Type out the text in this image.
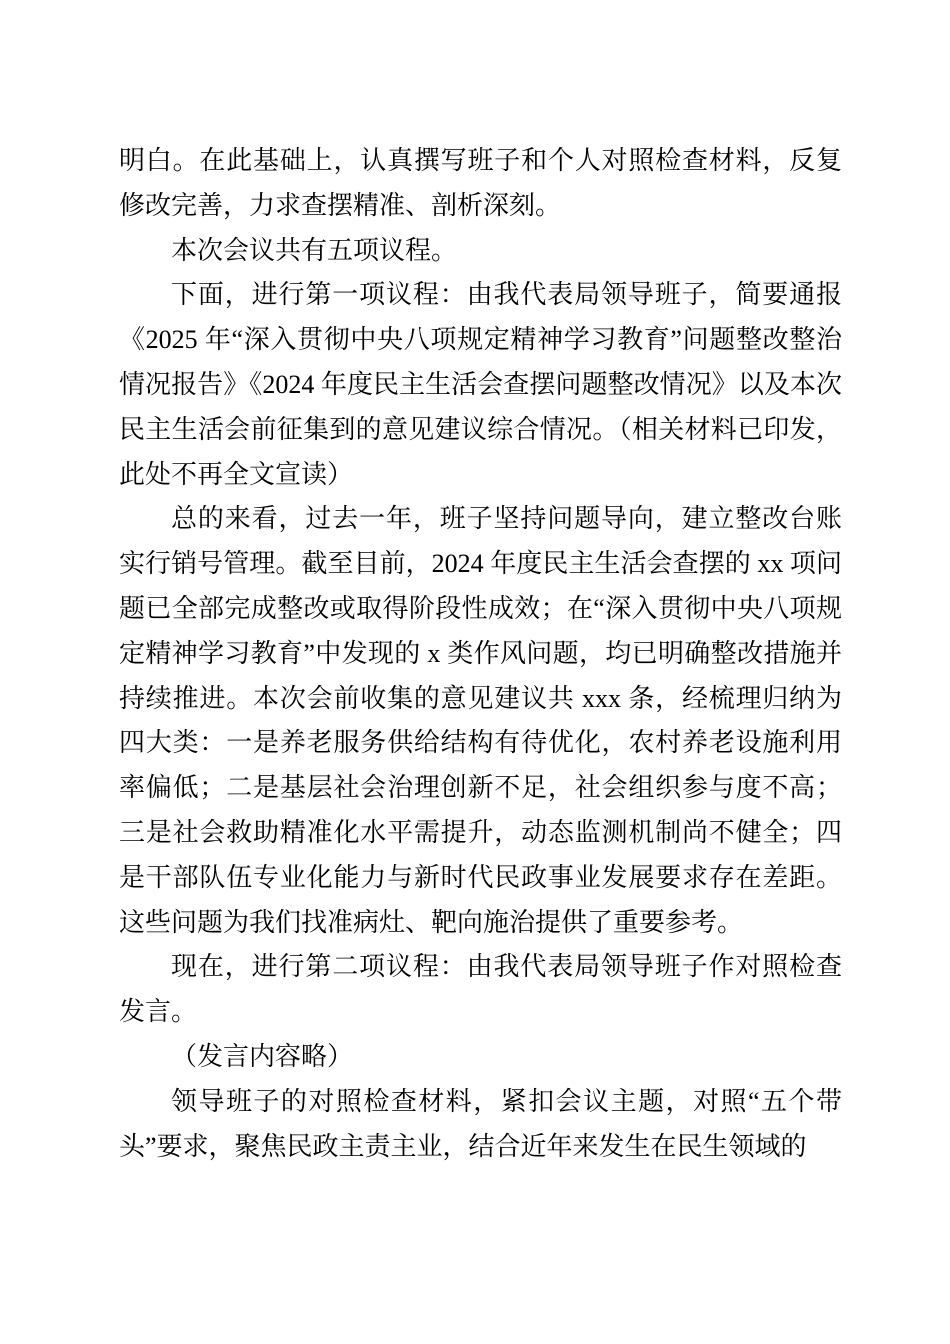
明白。在此基础上，认真撰写班子和个人对照检查材料，反复修改完善，力求查摆精准、剖析深刻。

本次会议共有五项议程。

下面，进行第一项议程：由我代表局领导班子，简要通报《2025 年“深入贯彻中央八项规定精神学习教育”问题整改整治情况报告》《2024 年度民主生活会查摆问题整改情况》以及本次民主生活会前征集到的意见建议综合情况。（相关材料已印发，此处不再全文宣读）

总的来看，过去一年，班子坚持问题导向，建立整改台账实行销号管理。截至目前，2024 年度民主生活会查摆的 xx 项问题已全部完成整改或取得阶段性成效；在“深入贯彻中央八项规定精神学习教育”中发现的 x 类作风问题，均已明确整改措施并持续推进。本次会前收集的意见建议共 xxx 条，经梳理归纳为四大类：一是养老服务供给结构有待优化，农村养老设施利用率偏低；二是基层社会治理创新不足，社会组织参与度不高；三是社会救助精准化水平需提升，动态监测机制尚不健全；四是干部队伍专业化能力与新时代民政事业发展要求存在差距。这些问题为我们找准病灶、靶向施治提供了重要参考。

现在，进行第二项议程：由我代表局领导班子作对照检查发言。

（发言内容略）

领导班子的对照检查材料，紧扣会议主题，对照“五个带头”要求，聚焦民政主责主业，结合近年来发生在民生领域的
